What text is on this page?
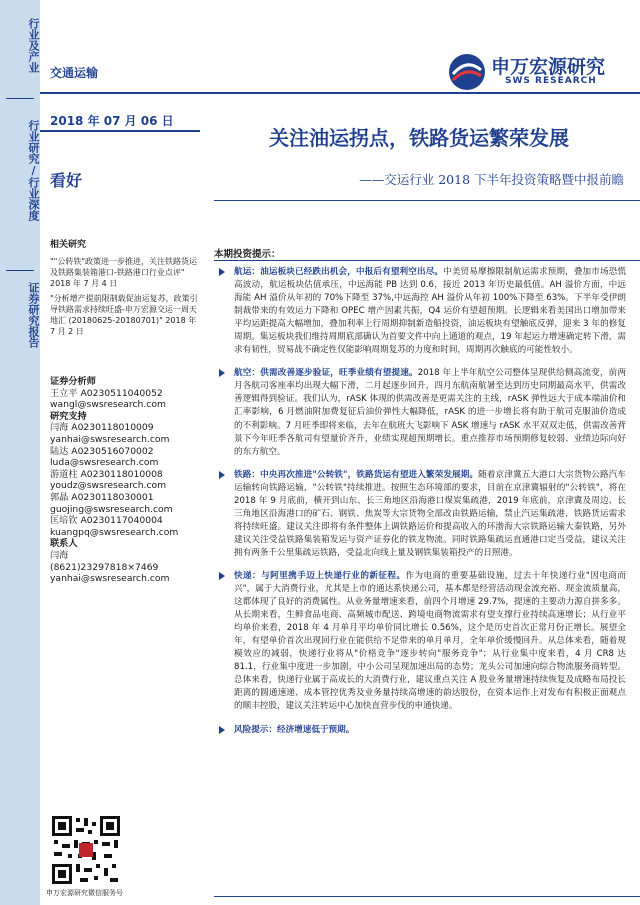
行业及产业
行业研究/行业深度
证券研究报告
交通运输	申万宏源研究
SWS RESEARCH
2018 年 07 月 06 日
看好
关注油运拐点，铁路货运繁荣发展
——交运行业 2018 下半年投资策略暨中报前瞻
相关研究
""公转铁"政策进一步推进，关注铁路货运及铁路集装箱港口-铁路港口行业点评" 2018 年 7 月 4 日
"分析增产提前限制载促油运复苏，政策引导铁路需求持续旺盛-申万宏源交运一周天地汇 (20180625-20180701)" 2018 年 7 月 2 日
证券分析师
王立平 A0230511040052
wangl@swsresearch.com
研究支持
闫海 A0230118010009
yanhai@swsresearch.com
陆达 A0230516070002
luda@swsresearch.com
游道柱 A0230118010008
youdz@swsresearch.com
郭晶 A0230118030001
guojing@swsresearch.com
匡培钦 A0230117040004
kuangpq@swsresearch.com
联系人
闫海
(8621)23297818×7469
yanhai@swsresearch.com
申万宏源研究微信服务号
本期投资提示：
航运：油运板块已经跌出机会，中报后有望利空出尽。中美贸易摩擦限制航运需求预期，叠加市场恐慌高波动，航运板块估值承压，中远海能 PB 达到 0.6，接近 2013 年历史最低值。AH 溢价方面，中远海能 AH 溢价从年初的 70%下降至 37%,中远海控 AH 溢价从年初 100%下降至 63%。下半年受伊朗制裁带来的有效运力下降和 OPEC 增产因素共振，Q4 运价有望超预期。长逻辑来看美国出口增加带来平均运距提高大幅增加，叠加利率上行周期抑制新造船投资，油运板块有望触底反弹，迎来 3 年的修复周期。集运板块我们维持周期底部确认为首要文件中向上通道的观点，19 年起运力增速确定转下滑，需求有韧性，贸易战不确定性仅能影响周期复苏的力度和时间，周期再次触底的可能性较小。
航空：供需改善逐步验证，旺季业绩有望提速。2018 年上半年航空公司整体呈现供给侧高流变，前两月各航司客座率均出现大幅下滑，二月起逐步回升，四月东航南航暑至达到历史同期最高水平，供需改善逻辑得到验证。我们认为，rASK 体现的供需改善是更需关注的主线，rASK 弹性远大于成本端油价和汇率影响，6 月燃油附加费复征后油价弹性大幅降低，rASK 的进一步增长将有助于航司克服油价造成的不利影响。7 月旺季即将来临，去年在航班大飞影响下 ASK 增速与 rASK 水平双双走低，供需改善背景下今年旺季各航司有望量价齐升，业绩实现超预期增长。重点推荐市场预期修复较弱、业绩边际向好的东方航空。
铁路：中央再次推进"公转铁"，铁路货运有望进入繁荣发展期。随着京津冀五大港口大宗货物公路汽车运输转向铁路运输，"公转铁"持续推进。按照生态环境部的要求，目前在京津冀辐射的"公转铁"，将在 2018 年 9 月底前，横开到山东、长三角地区沿海港口煤炭集疏港，2019 年底前，京津冀及周边、长三角地区沿海港口的矿石、钢铁、焦炭等大宗货物全部改由铁路运输，禁止汽运集疏港，铁路货运需求将持续旺盛。建议关注即将有条件整体上调铁路运价和提高收入的环渤海大宗铁路运输大秦铁路，另外建议关注受益铁路集装箱发运与资产证券化的铁龙物流。同时铁路集疏运直通港口定当受益，建议关注拥有两条千公里集疏运铁路，受益北向线上量及钢铁集装箱投产的日照港。
快递：与阿里携手迈上快递行业的新征程。作为电商的重要基础设施，过去十年快递行业"因电商而兴"，属于大消费行业，尤其是上市的通达系快递公司，基本都是经营活动现金流充裕、现金流质量高，这都体现了良好的消费属性。从业务量增速来看，前四个月增速 29.7%，提速的主要动力源自拼多多。从长期来看，生鲜食品电商、高频城市配送、跨境电商物流需求有望支撑行业持续高速增长；从行业平均单价来看，2018 年 4 月单月平均单价同比增长 0.56%，这个是历史首次正常月份正增长。展望全年，有望单价首次出现回行业在能供给不足带来的单月单月，全年单价缓慢回升。从总体来看，随着规模效应的减弱，快递行业将从"价格竞争"逐步转向"服务竞争"；从行业集中度来看，4 月 CR8 达 81.1，行业集中度进一步加剧，中小公司呈现加速出局的态势；龙头公司加速向综合物流服务商转型。总体来看，快递行业属于高成长的大消费行业，建议重点关注 A 股业务量增速持续恢复及成略布局投长距离的圆通速递、成本管控优秀及业务量持续高增速的韵达股份，在资本运作上对发布有积极正面观点的顺丰控股，建议关注转运中心加快直营步伐的申通快递。
风险提示：经济增速低于预期。
